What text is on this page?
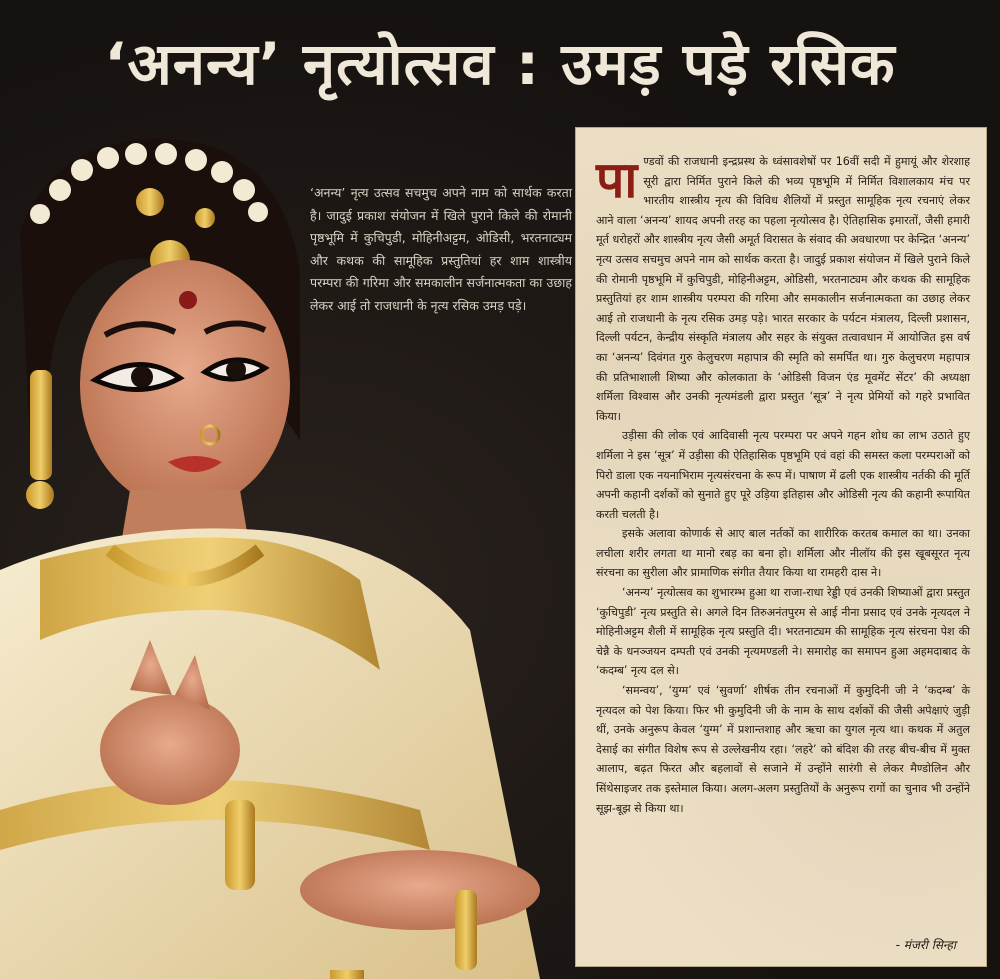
‘अनन्य’ नृत्योत्सव : उमड़ पड़े रसिक

‘अनन्य’ नृत्य उत्सव सचमुच अपने नाम को सार्थक करता है। जादुई प्रकाश संयोजन में खिले पुराने किले की रोमानी पृष्ठभूमि में कुचिपुडी, मोहिनीअट्टम, ओडिसी, भरतनाट्यम और कथक की सामूहिक प्रस्तुतियां हर शाम शास्त्रीय परम्परा की गरिमा और समकालीन सर्जनात्मकता का उछाह लेकर आई तो राजधानी के नृत्य रसिक उमड़ पड़े।

पाण्डवों की राजधानी इन्द्रप्रस्थ के ध्वंसावशेषों पर 16वीं सदी में हुमायूं और शेरशाह सूरी द्वारा निर्मित पुराने किले की भव्य पृष्ठभूमि में निर्मित विशालकाय मंच पर भारतीय शास्त्रीय नृत्य की विविध शैलियों में प्रस्तुत सामूहिक नृत्य रचनाएं लेकर आने वाला ‘अनन्य’ शायद अपनी तरह का पहला नृत्योत्सव है। ऐतिहासिक इमारतों, जैसी हमारी मूर्त धरोहरों और शास्त्रीय नृत्य जैसी अमूर्त विरासत के संवाद की अवधारणा पर केन्द्रित ‘अनन्य’ नृत्य उत्सव सचमुच अपने नाम को सार्थक करता है। जादुई प्रकाश संयोजन में खिले पुराने किले की रोमानी पृष्ठभूमि में कुचिपुडी, मोहिनीअट्टम, ओडिसी, भरतनाट्यम और कथक की सामूहिक प्रस्तुतियां हर शाम शास्त्रीय परम्परा की गरिमा और समकालीन सर्जनात्मकता का उछाह लेकर आई तो राजधानी के नृत्य रसिक उमड़ पड़े। भारत सरकार के पर्यटन मंत्रालय, दिल्ली प्रशासन, दिल्ली पर्यटन, केन्द्रीय संस्कृति मंत्रालय और सहर के संयुक्त तत्वावधान में आयोजित इस वर्ष का ‘अनन्य’ दिवंगत गुरु केलुचरण महापात्र की स्मृति को समर्पित था। गुरु केलुचरण महापात्र की प्रतिभाशाली शिष्या और कोलकाता के ‘ओडिसी विजन एंड मूवमेंट सेंटर’ की अध्यक्षा शर्मिला विश्वास और उनकी नृत्यमंडली द्वारा प्रस्तुत ‘सूत्र’ ने नृत्य प्रेमियों को गहरे प्रभावित किया।

उड़ीसा की लोक एवं आदिवासी नृत्य परम्परा पर अपने गहन शोध का लाभ उठाते हुए शर्मिला ने इस ‘सूत्र’ में उड़ीसा की ऐतिहासिक पृष्ठभूमि एवं वहां की समस्त कला परम्पराओं को पिरो डाला एक नयनाभिराम नृत्यसंरचना के रूप में। पाषाण में ढली एक शास्त्रीय नर्तकी की मूर्ति अपनी कहानी दर्शकों को सुनाते हुए पूरे उड़िया इतिहास और ओडिसी नृत्य की कहानी रूपायित करती चलती है।

इसके अलावा कोणार्क से आए बाल नर्तकों का शारीरिक करतब कमाल का था। उनका लचीला शरीर लगता था मानो रबड़ का बना हो। शर्मिला और नीलॉय की इस खूबसूरत नृत्य संरचना का सुरीला और प्रामाणिक संगीत तैयार किया था रामहरी दास ने।

‘अनन्य’ नृत्योत्सव का शुभारम्भ हुआ था राजा-राधा रेड्डी एवं उनकी शिष्याओं द्वारा प्रस्तुत ‘कुचिपुडी’ नृत्य प्रस्तुति से। अगले दिन तिरुअनंतपुरम से आई नीना प्रसाद एवं उनके नृत्यदल ने मोहिनीअट्टम शैली में सामूहिक नृत्य प्रस्तुति दी। भरतनाट्यम की सामूहिक नृत्य संरचना पेश की चेन्नै के धनञ्जयन दम्पती एवं उनकी नृत्यमण्डली ने। समारोह का समापन हुआ अहमदाबाद के ‘कदम्ब’ नृत्य दल से।

‘समन्वय’, ‘युग्म’ एवं ‘सुवर्णा’ शीर्षक तीन रचनाओं में कुमुदिनी जी ने ‘कदम्ब’ के नृत्यदल को पेश किया। फिर भी कुमुदिनी जी के नाम के साथ दर्शकों की जैसी अपेक्षाएं जुड़ी थीं, उनके अनुरूप केवल ‘युग्म’ में प्रशान्तशाह और ऋचा का युगल नृत्य था। कथक में अतुल देसाई का संगीत विशेष रूप से उल्लेखनीय रहा। ‘लहरे’ को बंदिश की तरह बीच-बीच में मुक्त आलाप, बढ़त फिरत और बहलावों से सजाने में उन्होंने सारंगी से लेकर मैण्डोलिन और सिंथेसाइजर तक इस्तेमाल किया। अलग-अलग प्रस्तुतियों के अनुरूप रागों का चुनाव भी उन्होंने सूझ-बूझ से किया था।

- मंजरी सिन्हा
